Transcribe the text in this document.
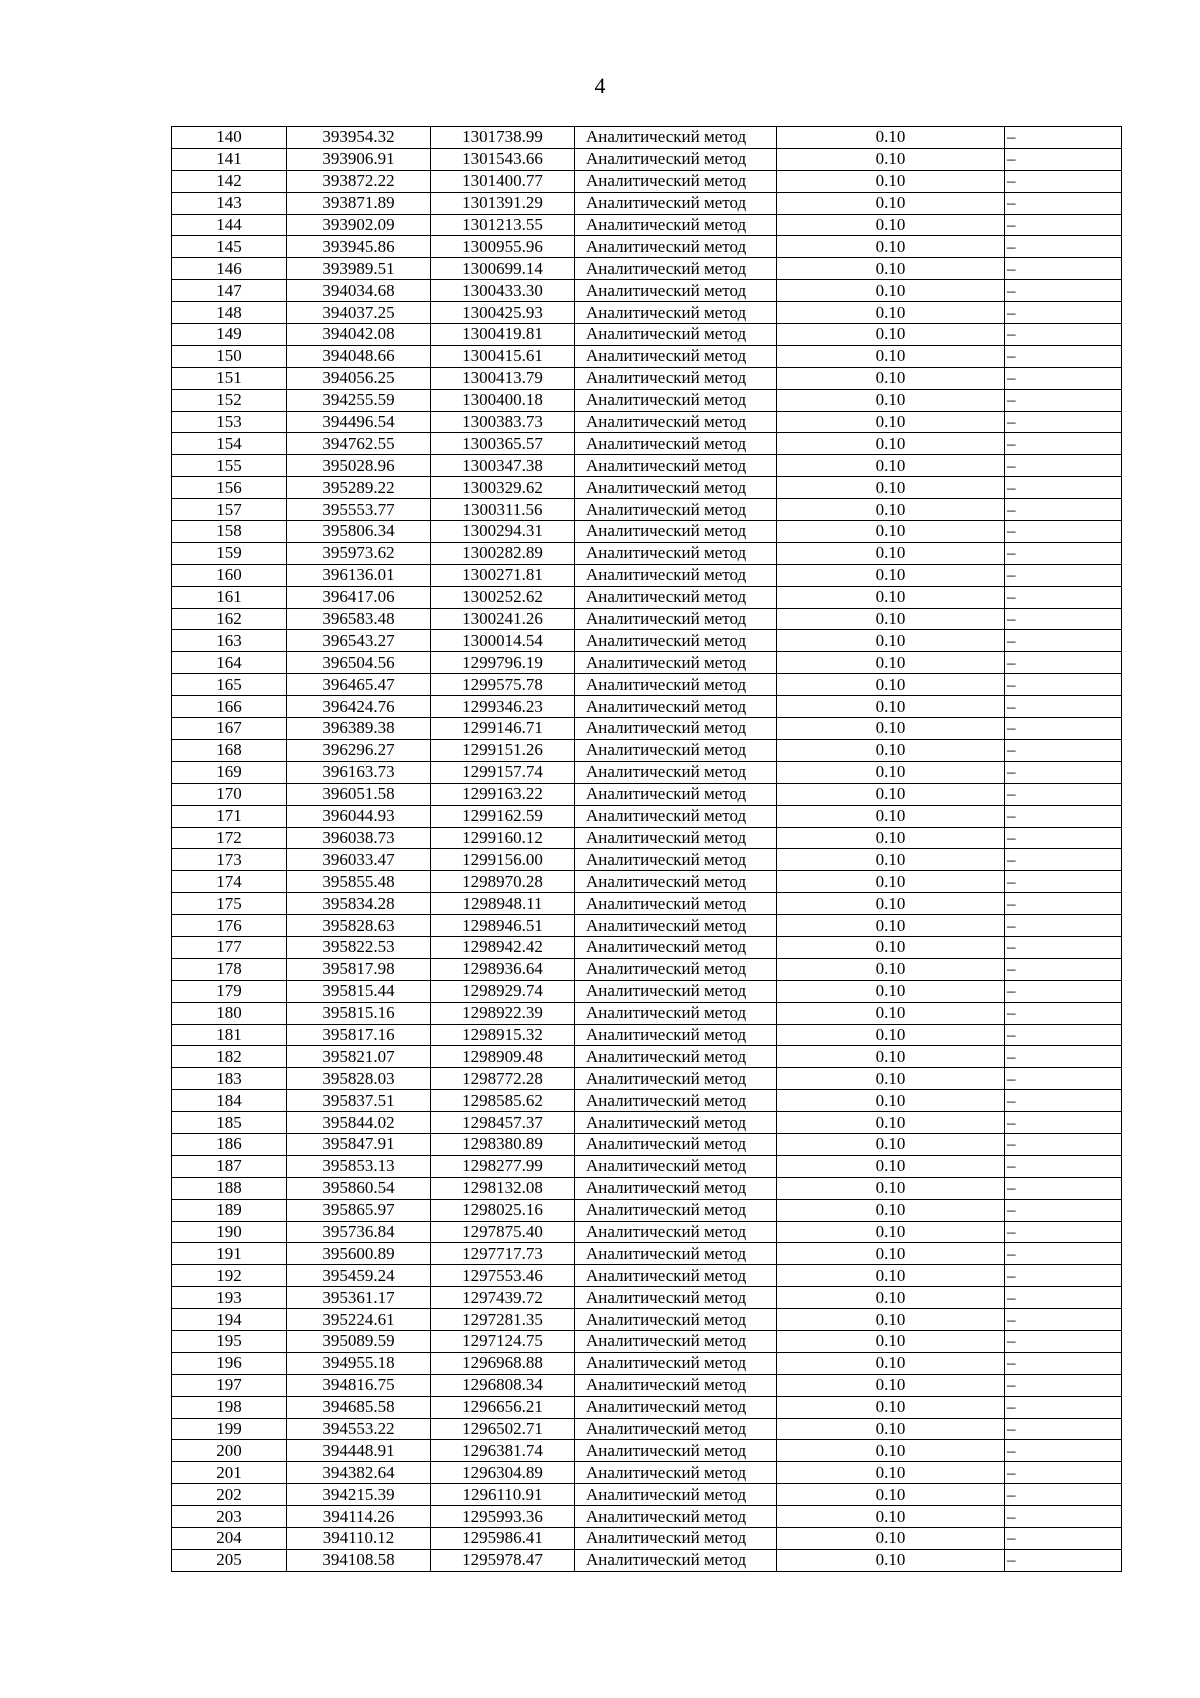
4
140	393954.32	1301738.99	Аналитический метод	0.10	–
141	393906.91	1301543.66	Аналитический метод	0.10	–
142	393872.22	1301400.77	Аналитический метод	0.10	–
143	393871.89	1301391.29	Аналитический метод	0.10	–
144	393902.09	1301213.55	Аналитический метод	0.10	–
145	393945.86	1300955.96	Аналитический метод	0.10	–
146	393989.51	1300699.14	Аналитический метод	0.10	–
147	394034.68	1300433.30	Аналитический метод	0.10	–
148	394037.25	1300425.93	Аналитический метод	0.10	–
149	394042.08	1300419.81	Аналитический метод	0.10	–
150	394048.66	1300415.61	Аналитический метод	0.10	–
151	394056.25	1300413.79	Аналитический метод	0.10	–
152	394255.59	1300400.18	Аналитический метод	0.10	–
153	394496.54	1300383.73	Аналитический метод	0.10	–
154	394762.55	1300365.57	Аналитический метод	0.10	–
155	395028.96	1300347.38	Аналитический метод	0.10	–
156	395289.22	1300329.62	Аналитический метод	0.10	–
157	395553.77	1300311.56	Аналитический метод	0.10	–
158	395806.34	1300294.31	Аналитический метод	0.10	–
159	395973.62	1300282.89	Аналитический метод	0.10	–
160	396136.01	1300271.81	Аналитический метод	0.10	–
161	396417.06	1300252.62	Аналитический метод	0.10	–
162	396583.48	1300241.26	Аналитический метод	0.10	–
163	396543.27	1300014.54	Аналитический метод	0.10	–
164	396504.56	1299796.19	Аналитический метод	0.10	–
165	396465.47	1299575.78	Аналитический метод	0.10	–
166	396424.76	1299346.23	Аналитический метод	0.10	–
167	396389.38	1299146.71	Аналитический метод	0.10	–
168	396296.27	1299151.26	Аналитический метод	0.10	–
169	396163.73	1299157.74	Аналитический метод	0.10	–
170	396051.58	1299163.22	Аналитический метод	0.10	–
171	396044.93	1299162.59	Аналитический метод	0.10	–
172	396038.73	1299160.12	Аналитический метод	0.10	–
173	396033.47	1299156.00	Аналитический метод	0.10	–
174	395855.48	1298970.28	Аналитический метод	0.10	–
175	395834.28	1298948.11	Аналитический метод	0.10	–
176	395828.63	1298946.51	Аналитический метод	0.10	–
177	395822.53	1298942.42	Аналитический метод	0.10	–
178	395817.98	1298936.64	Аналитический метод	0.10	–
179	395815.44	1298929.74	Аналитический метод	0.10	–
180	395815.16	1298922.39	Аналитический метод	0.10	–
181	395817.16	1298915.32	Аналитический метод	0.10	–
182	395821.07	1298909.48	Аналитический метод	0.10	–
183	395828.03	1298772.28	Аналитический метод	0.10	–
184	395837.51	1298585.62	Аналитический метод	0.10	–
185	395844.02	1298457.37	Аналитический метод	0.10	–
186	395847.91	1298380.89	Аналитический метод	0.10	–
187	395853.13	1298277.99	Аналитический метод	0.10	–
188	395860.54	1298132.08	Аналитический метод	0.10	–
189	395865.97	1298025.16	Аналитический метод	0.10	–
190	395736.84	1297875.40	Аналитический метод	0.10	–
191	395600.89	1297717.73	Аналитический метод	0.10	–
192	395459.24	1297553.46	Аналитический метод	0.10	–
193	395361.17	1297439.72	Аналитический метод	0.10	–
194	395224.61	1297281.35	Аналитический метод	0.10	–
195	395089.59	1297124.75	Аналитический метод	0.10	–
196	394955.18	1296968.88	Аналитический метод	0.10	–
197	394816.75	1296808.34	Аналитический метод	0.10	–
198	394685.58	1296656.21	Аналитический метод	0.10	–
199	394553.22	1296502.71	Аналитический метод	0.10	–
200	394448.91	1296381.74	Аналитический метод	0.10	–
201	394382.64	1296304.89	Аналитический метод	0.10	–
202	394215.39	1296110.91	Аналитический метод	0.10	–
203	394114.26	1295993.36	Аналитический метод	0.10	–
204	394110.12	1295986.41	Аналитический метод	0.10	–
205	394108.58	1295978.47	Аналитический метод	0.10	–
